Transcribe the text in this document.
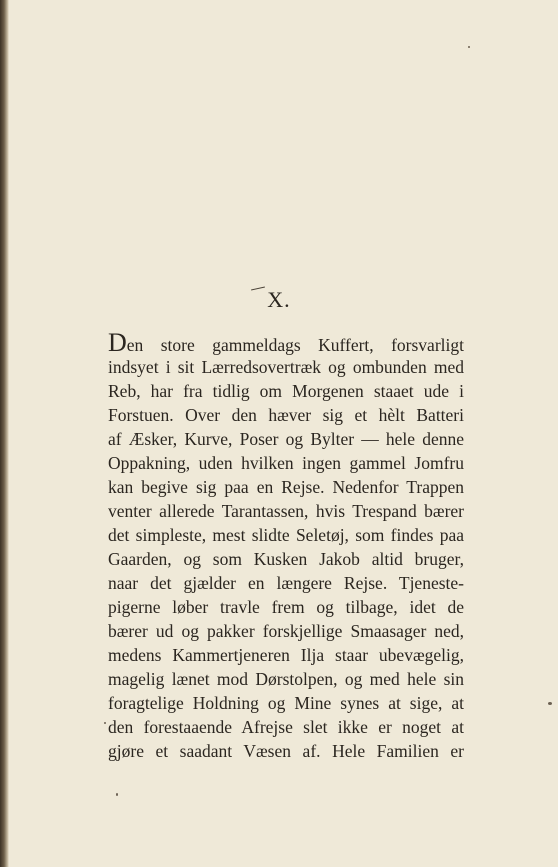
X.
Den store gammeldags Kuffert, forsvarligt
indsyet i sit Lærredsovertræk og ombunden med
Reb, har fra tidlig om Morgenen staaet ude i
Forstuen. Over den hæver sig et hèlt Batteri
af Æsker, Kurve, Poser og Bylter — hele denne
Oppakning, uden hvilken ingen gammel Jomfru
kan begive sig paa en Rejse. Nedenfor Trappen
venter allerede Tarantassen, hvis Trespand bærer
det simpleste, mest slidte Seletøj, som findes paa
Gaarden, og som Kusken Jakob altid bruger,
naar det gjælder en længere Rejse. Tjeneste-
pigerne løber travle frem og tilbage, idet de
bærer ud og pakker forskjellige Smaasager ned,
medens Kammertjeneren Ilja staar ubevægelig,
magelig lænet mod Dørstolpen, og med hele sin
foragtelige Holdning og Mine synes at sige, at
den forestaaende Afrejse slet ikke er noget at
gjøre et saadant Væsen af. Hele Familien er
